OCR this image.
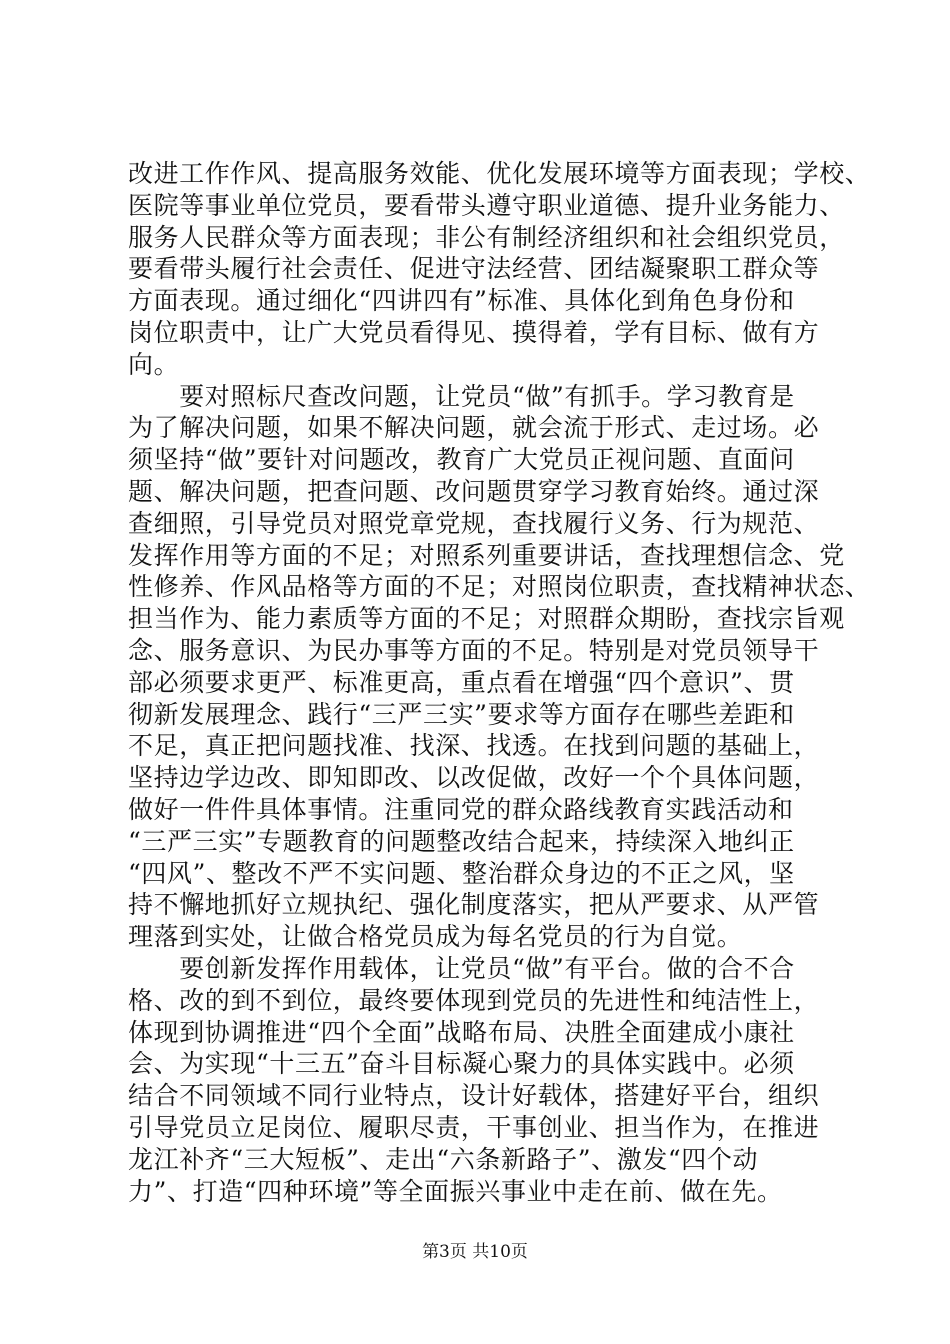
改进工作作风、提高服务效能、优化发展环境等方面表现；学校、
医院等事业单位党员，要看带头遵守职业道德、提升业务能力、
服务人民群众等方面表现；非公有制经济组织和社会组织党员，
要看带头履行社会责任、促进守法经营、团结凝聚职工群众等
方面表现。通过细化“四讲四有”标准、具体化到角色身份和
岗位职责中，让广大党员看得见、摸得着，学有目标、做有方
向。
　　要对照标尺查改问题，让党员“做”有抓手。学习教育是
为了解决问题，如果不解决问题，就会流于形式、走过场。必
须坚持“做”要针对问题改，教育广大党员正视问题、直面问
题、解决问题，把查问题、改问题贯穿学习教育始终。通过深
查细照，引导党员对照党章党规，查找履行义务、行为规范、
发挥作用等方面的不足；对照系列重要讲话，查找理想信念、党
性修养、作风品格等方面的不足；对照岗位职责，查找精神状态、
担当作为、能力素质等方面的不足；对照群众期盼，查找宗旨观
念、服务意识、为民办事等方面的不足。特别是对党员领导干
部必须要求更严、标准更高，重点看在增强“四个意识”、贯
彻新发展理念、践行“三严三实”要求等方面存在哪些差距和
不足，真正把问题找准、找深、找透。在找到问题的基础上，
坚持边学边改、即知即改、以改促做，改好一个个具体问题，
做好一件件具体事情。注重同党的群众路线教育实践活动和
“三严三实”专题教育的问题整改结合起来，持续深入地纠正
“四风”、整改不严不实问题、整治群众身边的不正之风，坚
持不懈地抓好立规执纪、强化制度落实，把从严要求、从严管
理落到实处，让做合格党员成为每名党员的行为自觉。
　　要创新发挥作用载体，让党员“做”有平台。做的合不合
格、改的到不到位，最终要体现到党员的先进性和纯洁性上，
体现到协调推进“四个全面”战略布局、决胜全面建成小康社
会、为实现“十三五”奋斗目标凝心聚力的具体实践中。必须
结合不同领域不同行业特点，设计好载体，搭建好平台，组织
引导党员立足岗位、履职尽责，干事创业、担当作为，在推进
龙江补齐“三大短板”、走出“六条新路子”、激发“四个动
力”、打造“四种环境”等全面振兴事业中走在前、做在先。
第3页 共10页
